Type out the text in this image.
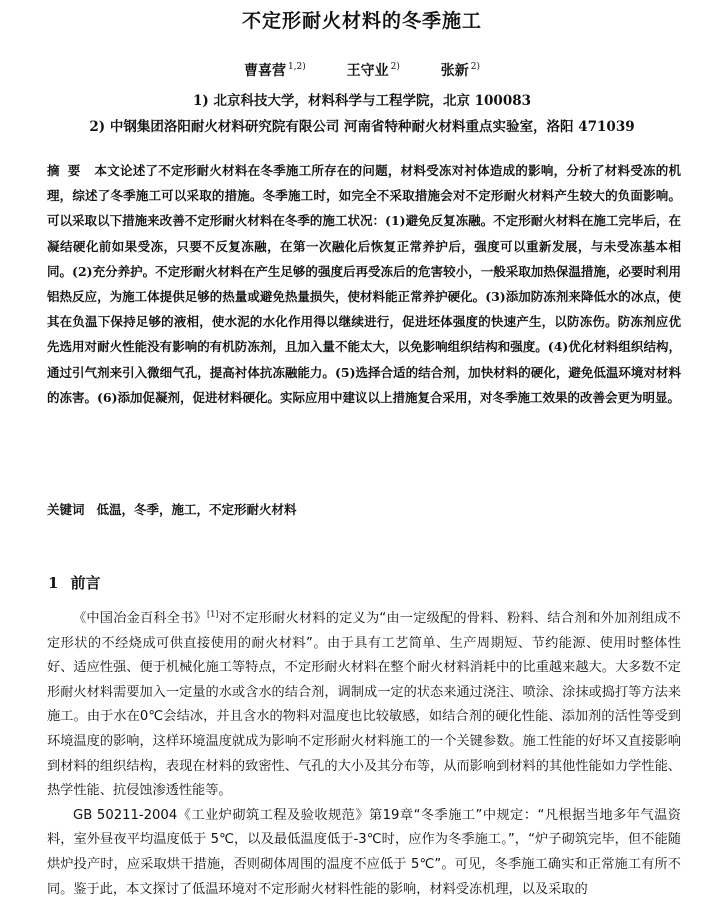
不定形耐火材料的冬季施工
曹喜营 $^{1,2)}$	王守业 $^{2)}$	张新 $^{2)}$
1) 北京科技大学，材料科学与工程学院，北京 100083
2) 中钢集团洛阳耐火材料研究院有限公司 河南省特种耐火材料重点实验室，洛阳 471039
摘要 本文论述了不定形耐火材料在冬季施工所存在的问题，材料受冻对衬体造成的影响，分析了材料受冻的机理，综述了冬季施工可以采取的措施。冬季施工时，如完全不采取措施会对不定形耐火材料产生较大的负面影响。可以采取以下措施来改善不定形耐火材料在冬季的施工状况：(1)避免反复冻融。不定形耐火材料在施工完毕后，在凝结硬化前如果受冻，只要不反复冻融，在第一次融化后恢复正常养护后，强度可以重新发展，与未受冻基本相同。(2)充分养护。不定形耐火材料在产生足够的强度后再受冻后的危害较小，一般采取加热保温措施，必要时利用铝热反应，为施工体提供足够的热量或避免热量损失，使材料能正常养护硬化。(3)添加防冻剂来降低水的冰点，使其在负温下保持足够的液相，使水泥的水化作用得以继续进行，促进坯体强度的快速产生，以防冻伤。防冻剂应优先选用对耐火性能没有影响的有机防冻剂，且加入量不能太大，以免影响组织结构和强度。(4)优化材料组织结构，通过引气剂来引入微细气孔，提高衬体抗冻融能力。(5)选择合适的结合剂，加快材料的硬化，避免低温环境对材料的冻害。(6)添加促凝剂，促进材料硬化。实际应用中建议以上措施复合采用，对冬季施工效果的改善会更为明显。
关键词 低温，冬季，施工，不定形耐火材料
1 前言

《中国冶金百科全书》[1]对不定形耐火材料的定义为“由一定级配的骨料、粉料、结合剂和外加剂组成不定形状的不经烧成可供直接使用的耐火材料”。由于具有工艺简单、生产周期短、节约能源、使用时整体性好、适应性强、便于机械化施工等特点，不定形耐火材料在整个耐火材料消耗中的比重越来越大。大多数不定形耐火材料需要加入一定量的水或含水的结合剂，调制成一定的状态来通过浇注、喷涂、涂抹或捣打等方法来施工。由于水在0℃会结冰，并且含水的物料对温度也比较敏感，如结合剂的硬化性能、添加剂的活性等受到环境温度的影响，这样环境温度就成为影响不定形耐火材料施工的一个关键参数。施工性能的好坏又直接影响到材料的组织结构，表现在材料的致密性、气孔的大小及其分布等，从而影响到材料的其他性能如力学性能、热学性能、抗侵蚀渗透性能等。

GB 50211-2004《工业炉砌筑工程及验收规范》第19章“冬季施工”中规定：“凡根据当地多年气温资料，室外昼夜平均温度低于 5℃，以及最低温度低于-3℃时，应作为冬季施工。”，“炉子砌筑完毕，但不能随烘炉投产时，应采取烘干措施，否则砌体周围的温度不应低于 5℃”。可见，冬季施工确实和正常施工有所不同。鉴于此，本文探讨了低温环境对不定形耐火材料性能的影响，材料受冻机理，以及采取的
